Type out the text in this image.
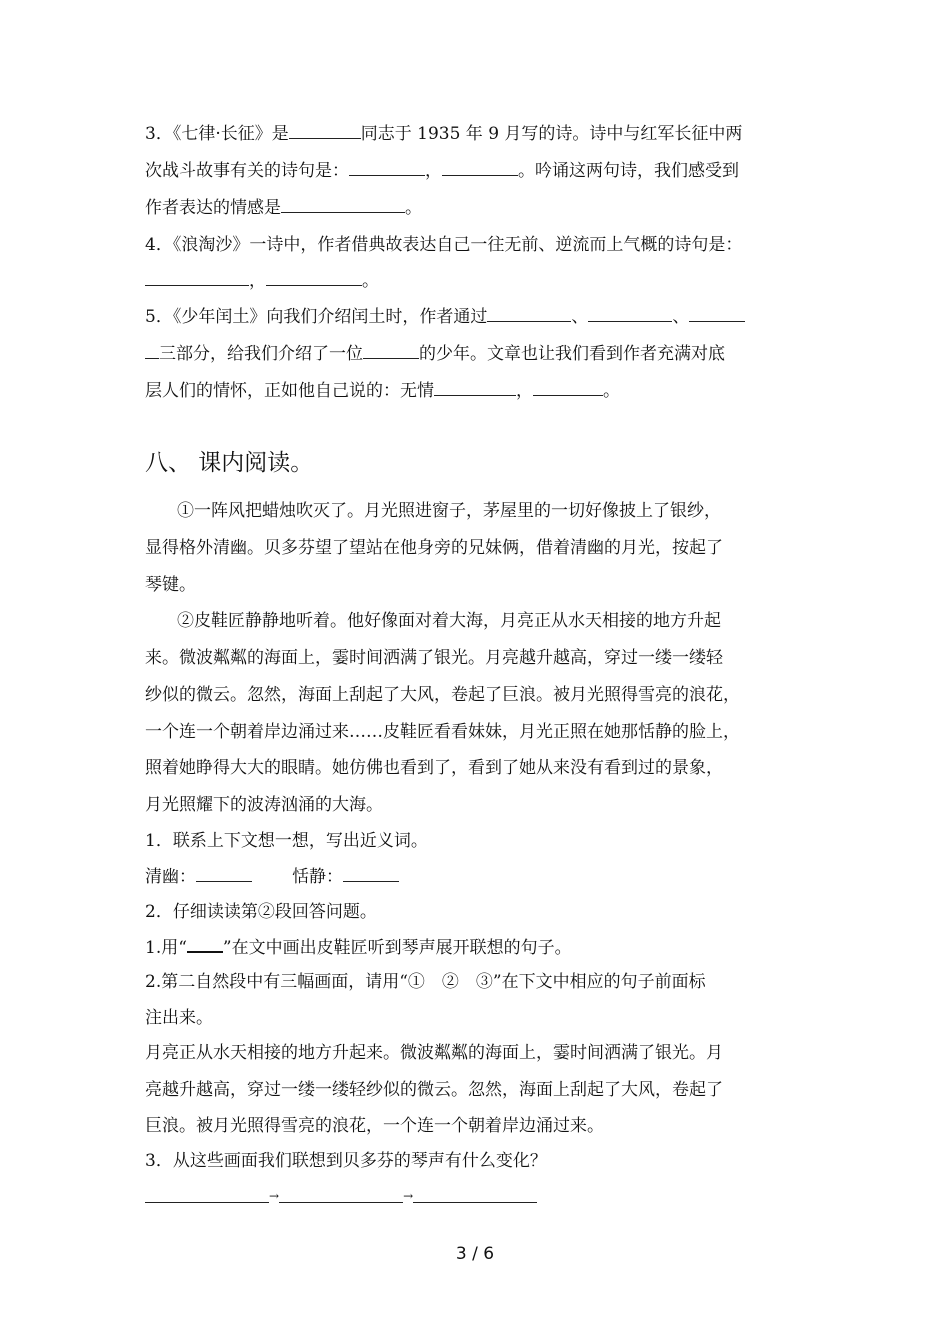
3．《七律·长征》是	同志于 1935 年 9 月写的诗。诗中与红军长征中两
次战斗故事有关的诗句是：	，	。吟诵这两句诗，我们感受到
作者表达的情感是	。
4．《浪淘沙》一诗中，作者借典故表达自己一往无前、逆流而上气概的诗句是：
，	。
5．《少年闰土》向我们介绍闰土时，作者通过	、	、
三部分，给我们介绍了一位	的少年。文章也让我们看到作者充满对底
层人们的情怀，正如他自己说的：无情	，	。
八、 课内阅读。
①一阵风把蜡烛吹灭了。月光照进窗子，茅屋里的一切好像披上了银纱，
显得格外清幽。贝多芬望了望站在他身旁的兄妹俩，借着清幽的月光，按起了
琴键。
②皮鞋匠静静地听着。他好像面对着大海，月亮正从水天相接的地方升起
来。微波粼粼的海面上，霎时间洒满了银光。月亮越升越高，穿过一缕一缕轻
纱似的微云。忽然，海面上刮起了大风，卷起了巨浪。被月光照得雪亮的浪花，
一个连一个朝着岸边涌过来……皮鞋匠看看妹妹，月光正照在她那恬静的脸上，
照着她睁得大大的眼睛。她仿佛也看到了，看到了她从来没有看到过的景象，
月光照耀下的波涛汹涌的大海。
1．联系上下文想一想，写出近义词。
清幽：	恬静：
2．仔细读读第②段回答问题。
1.用“ ”在文中画出皮鞋匠听到琴声展开联想的句子。
2.第二自然段中有三幅画面，请用“①　②　③”在下文中相应的句子前面标
注出来。
月亮正从水天相接的地方升起来。微波粼粼的海面上，霎时间洒满了银光。月
亮越升越高，穿过一缕一缕轻纱似的微云。忽然，海面上刮起了大风，卷起了
巨浪。被月光照得雪亮的浪花，一个连一个朝着岸边涌过来。
3．从这些画面我们联想到贝多芬的琴声有什么变化？
→	→
3 / 6
